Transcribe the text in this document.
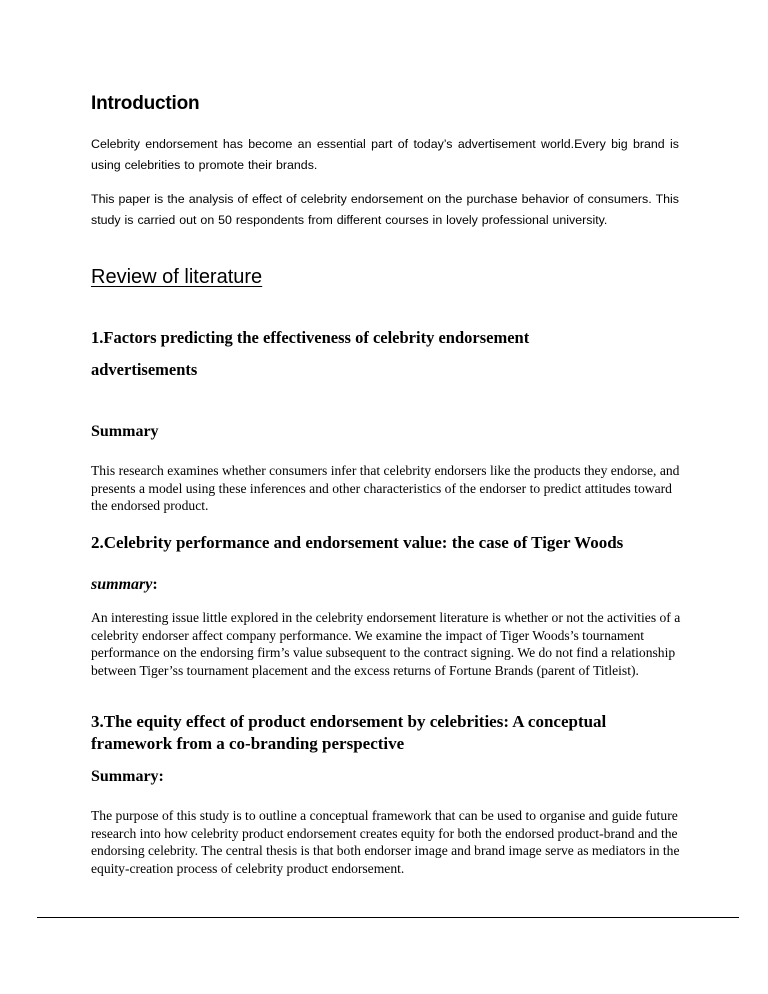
Introduction
Celebrity endorsement has become an essential part of today’s advertisement world.Every big brand is using celebrities to promote their brands.
This paper is the analysis of effect of celebrity endorsement on the purchase behavior of consumers. This study is carried out on 50 respondents from different courses in lovely professional university.
Review of literature
1.Factors predicting the effectiveness of celebrity endorsement
advertisements
Summary
This research examines whether consumers infer that celebrity endorsers like the products they endorse, and presents a model using these inferences and other characteristics of the endorser to predict attitudes toward the endorsed product.
2.Celebrity performance and endorsement value: the case of Tiger Woods
summary:
An interesting issue little explored in the celebrity endorsement literature is whether or not the activities of a celebrity endorser affect company performance. We examine the impact of Tiger Woods’s tournament performance on the endorsing firm’s value subsequent to the contract signing. We do not find a relationship between Tiger’ss tournament placement and the excess returns of Fortune Brands (parent of Titleist).
3.The equity effect of product endorsement by celebrities: A conceptual framework from a co-branding perspective
Summary:
The purpose of this study is to outline a conceptual framework that can be used to organise and guide future research into how celebrity product endorsement creates equity for both the endorsed product-brand and the endorsing celebrity. The central thesis is that both endorser image and brand image serve as mediators in the equity-creation process of celebrity product endorsement.
